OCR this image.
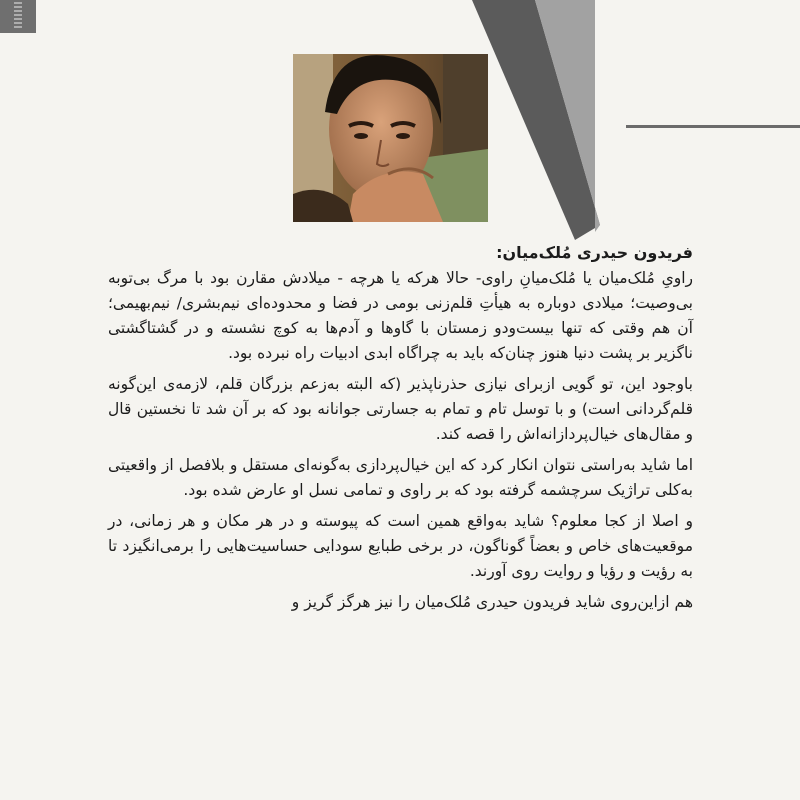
فریدون حیدری مُلک‌میان:

راویِ مُلک‌میان یا مُلک‌میانِ راوی- حالا هرکه یا هرچه - میلادش مقارن بود با مرگ بی‌توبه بی‌وصیت؛ میلادی دوباره به هیأتِ قلم‌زنی بومی در فضا و محدوده‌ای نیم‌بشری/ نیم‌بهیمی؛ آن هم وقتی که تنها بیست‌ودو زمستان با گاوها و آدم‌ها به کوچ نشسته و در گشتاگشتی ناگزیر بر پشت دنیا هنوز چنان‌که باید به چراگاه ابدی ادبیات راه نبرده بود.

باوجود این، تو گویی ازبرای نیازی حذرناپذیر (که البته به‌زعم بزرگان قلم، لازمه‌ی این‌گونه قلم‌گردانی است) و با توسل تام و تمام به جسارتی جوانانه بود که بر آن شد تا نخستین قال و مقال‌های خیال‌پردازانه‌اش را قصه کند.

اما شاید به‌راستی نتوان انکار کرد که این خیال‌پردازی به‌گونه‌ای مستقل و بلافصل از واقعیتی به‌کلی تراژیک سرچشمه گرفته بود که بر راوی و تمامی نسل او عارض شده بود.

و اصلا از کجا معلوم؟ شاید به‌واقع همین است که پیوسته و در هر مکان و هر زمانی، در موقعیت‌های خاص و بعضاً گوناگون، در برخی طبایع سودایی حساسیت‌هایی را برمی‌انگیزد تا به رؤیت و رؤیا و روایت روی آورند.

هم ازاین‌روی شاید فریدون حیدری مُلک‌میان را نیز هرگز گریز و
